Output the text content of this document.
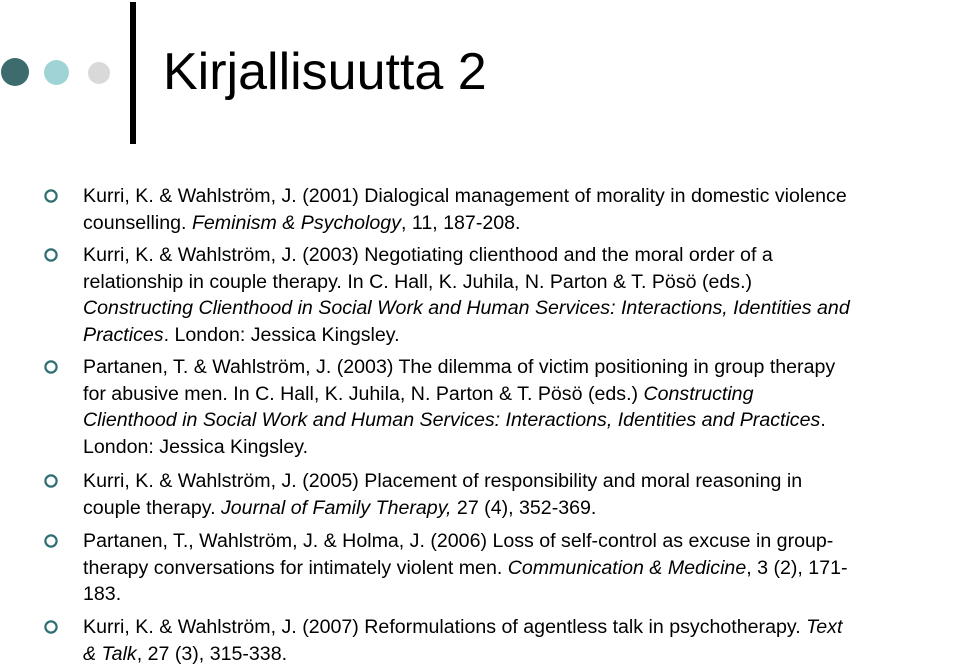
Kirjallisuutta 2
Kurri, K. & Wahlström, J. (2001) Dialogical management of morality in domestic violence
counselling. Feminism & Psychology, 11, 187-208.
Kurri, K. & Wahlström, J. (2003) Negotiating clienthood and the moral order of a
relationship in couple therapy. In C. Hall, K. Juhila, N. Parton & T. Pösö (eds.)
Constructing Clienthood in Social Work and Human Services: Interactions, Identities and
Practices. London: Jessica Kingsley.
Partanen, T. & Wahlström, J. (2003) The dilemma of victim positioning in group therapy
for abusive men. In C. Hall, K. Juhila, N. Parton & T. Pösö (eds.) Constructing
Clienthood in Social Work and Human Services: Interactions, Identities and Practices.
London: Jessica Kingsley.
Kurri, K. & Wahlström, J. (2005) Placement of responsibility and moral reasoning in
couple therapy. Journal of Family Therapy, 27 (4), 352-369.
Partanen, T., Wahlström, J. & Holma, J. (2006) Loss of self-control as excuse in group-
therapy conversations for intimately violent men. Communication & Medicine, 3 (2), 171-
183.
Kurri, K. & Wahlström, J. (2007) Reformulations of agentless talk in psychotherapy. Text
& Talk, 27 (3), 315-338.
